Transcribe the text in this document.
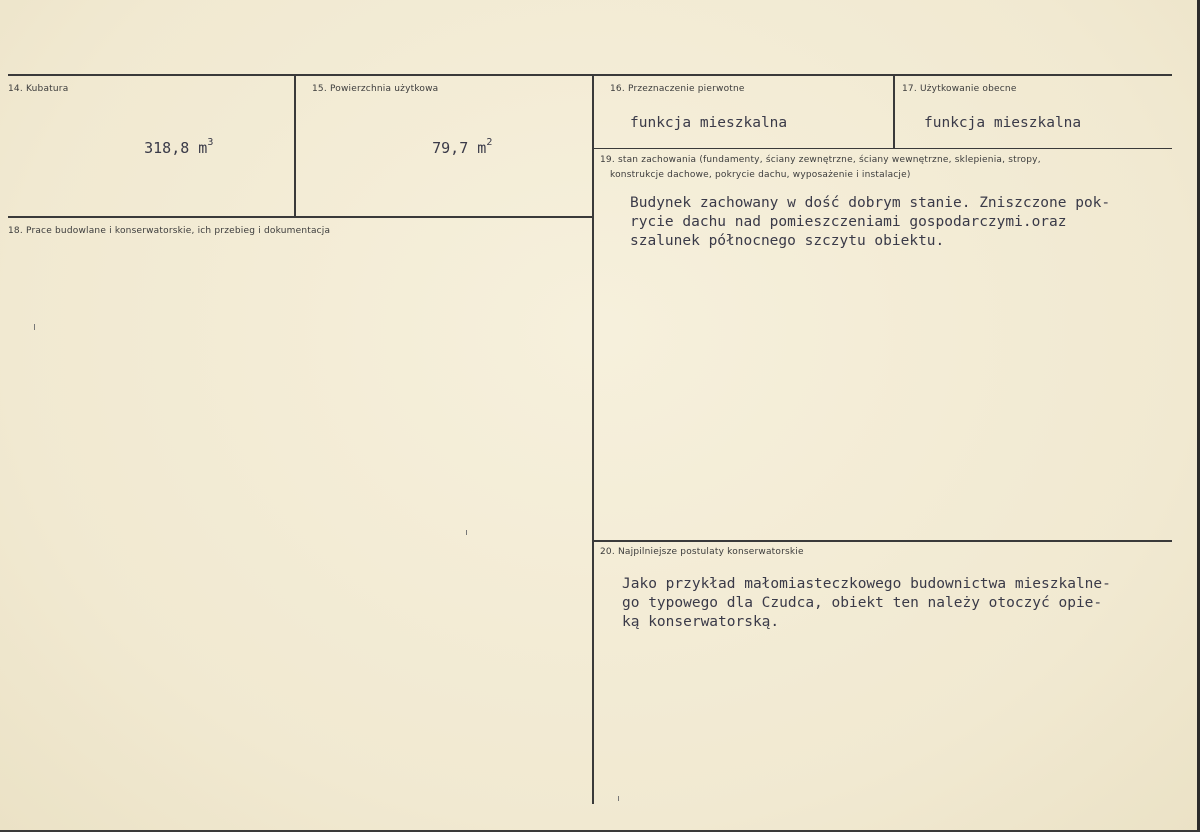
14. Kubatura

318,8 $m^3$

15. Powierzchnia użytkowa

79,7 $m^2$

16. Przeznaczenie pierwotne
funkcja mieszkalna
17. Użytkowanie obecne
funkcja mieszkalna
18. Prace budowlane i konserwatorskie, ich przebieg i dokumentacja
19. stan zachowania (fundamenty, ściany zewnętrzne, ściany wewnętrzne, sklepienia, stropy,
konstrukcje dachowe, pokrycie dachu, wyposażenie i instalacje)
Budynek zachowany w dość dobrym stanie. Zniszczone pok-
rycie dachu nad pomieszczeniami gospodarczymi.oraz
szalunek północnego szczytu obiektu.
20. Najpilniejsze postulaty konserwatorskie
Jako przykład małomiasteczkowego budownictwa mieszkalne-
go typowego dla Czudca, obiekt ten należy otoczyć opie-
ką konserwatorską.
